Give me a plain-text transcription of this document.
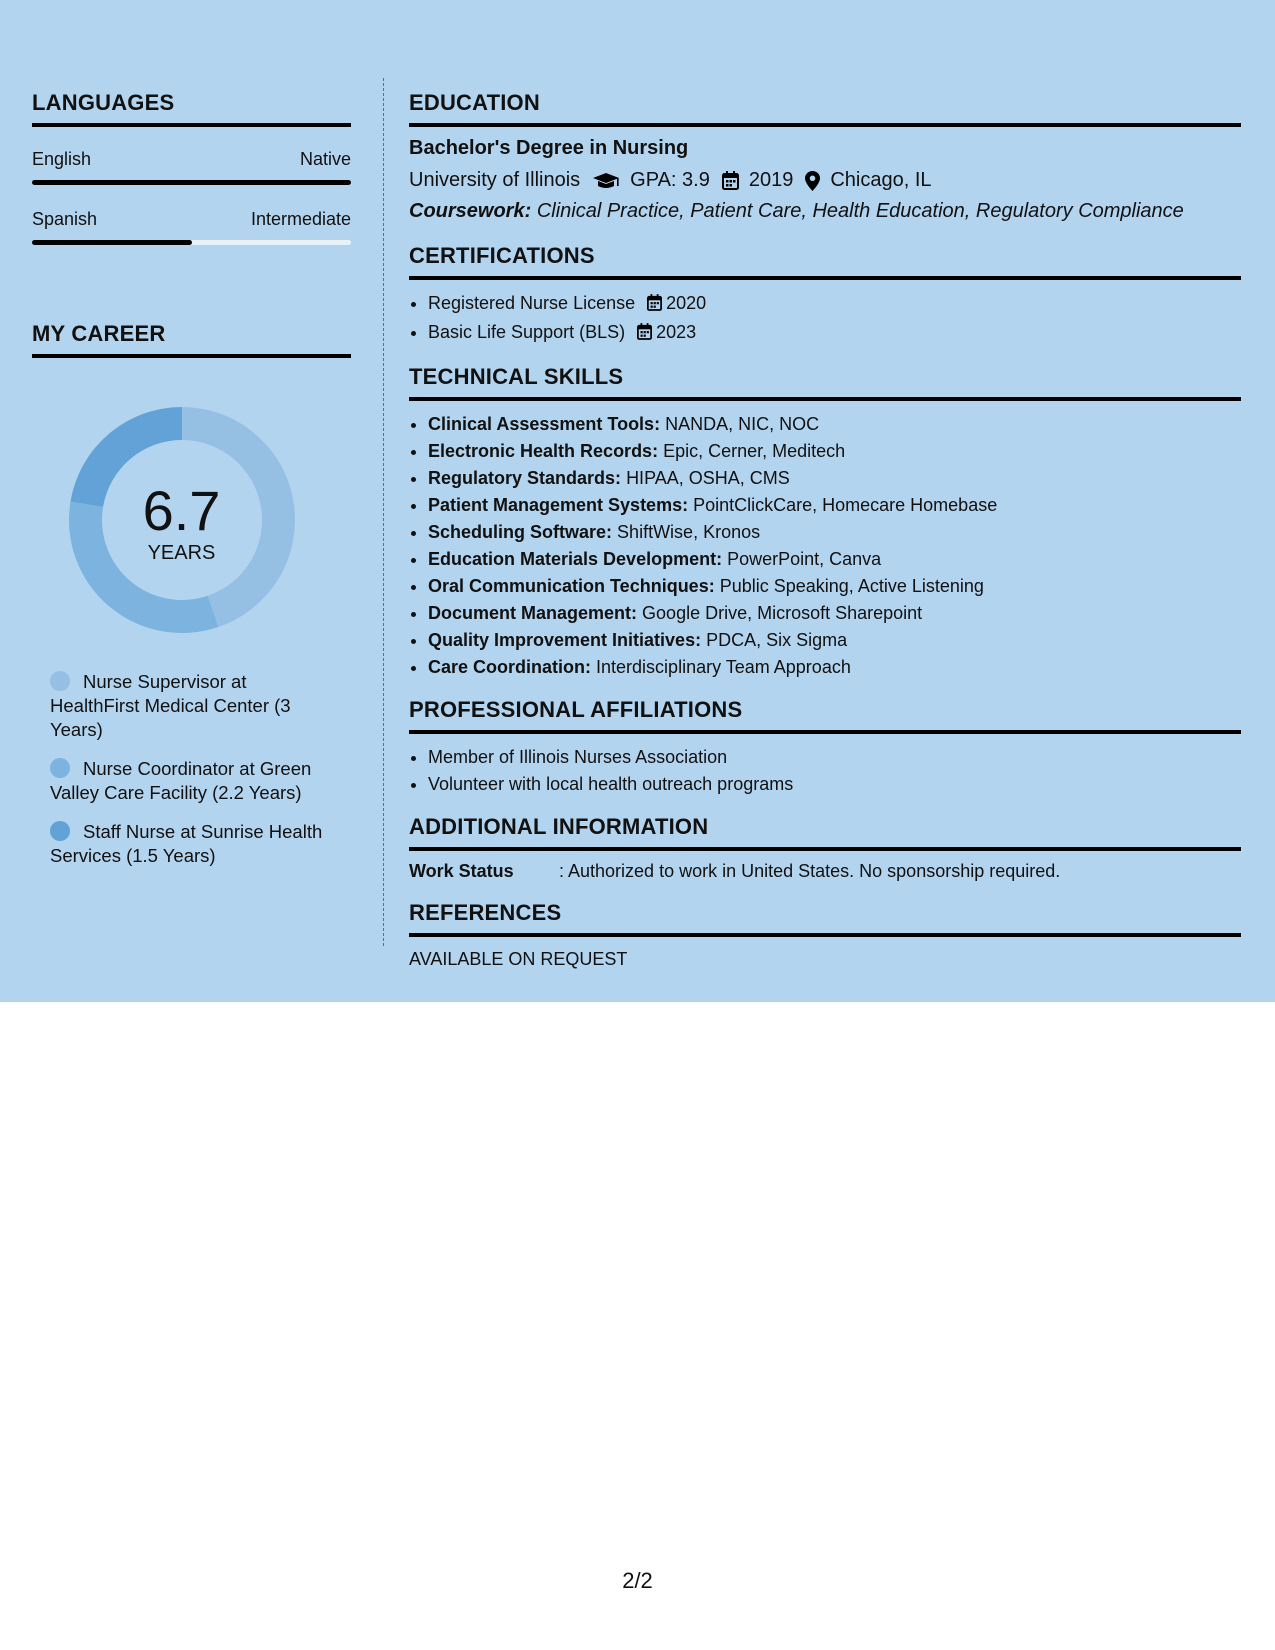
LANGUAGES
English	Native
Spanish	Intermediate
MY CAREER
6.7
YEARS
Nurse Supervisor at HealthFirst Medical Center (3 Years)
Nurse Coordinator at Green Valley Care Facility (2.2 Years)
Staff Nurse at Sunrise Health Services (1.5 Years)
EDUCATION
Bachelor's Degree in Nursing
University of Illinois	GPA: 3.9 2019 Chicago, IL
Coursework: Clinical Practice, Patient Care, Health Education, Regulatory Compliance
CERTIFICATIONS
• Registered Nurse License 2020
• Basic Life Support (BLS) 2023
TECHNICAL SKILLS
• Clinical Assessment Tools: NANDA, NIC, NOC
• Electronic Health Records: Epic, Cerner, Meditech
• Regulatory Standards: HIPAA, OSHA, CMS
• Patient Management Systems: PointClickCare, Homecare Homebase
• Scheduling Software: ShiftWise, Kronos
• Education Materials Development: PowerPoint, Canva
• Oral Communication Techniques: Public Speaking, Active Listening
• Document Management: Google Drive, Microsoft Sharepoint
• Quality Improvement Initiatives: PDCA, Six Sigma
• Care Coordination: Interdisciplinary Team Approach
PROFESSIONAL AFFILIATIONS
• Member of Illinois Nurses Association
• Volunteer with local health outreach programs
ADDITIONAL INFORMATION
Work Status	: Authorized to work in United States. No sponsorship required.
REFERENCES
AVAILABLE ON REQUEST
2/2
